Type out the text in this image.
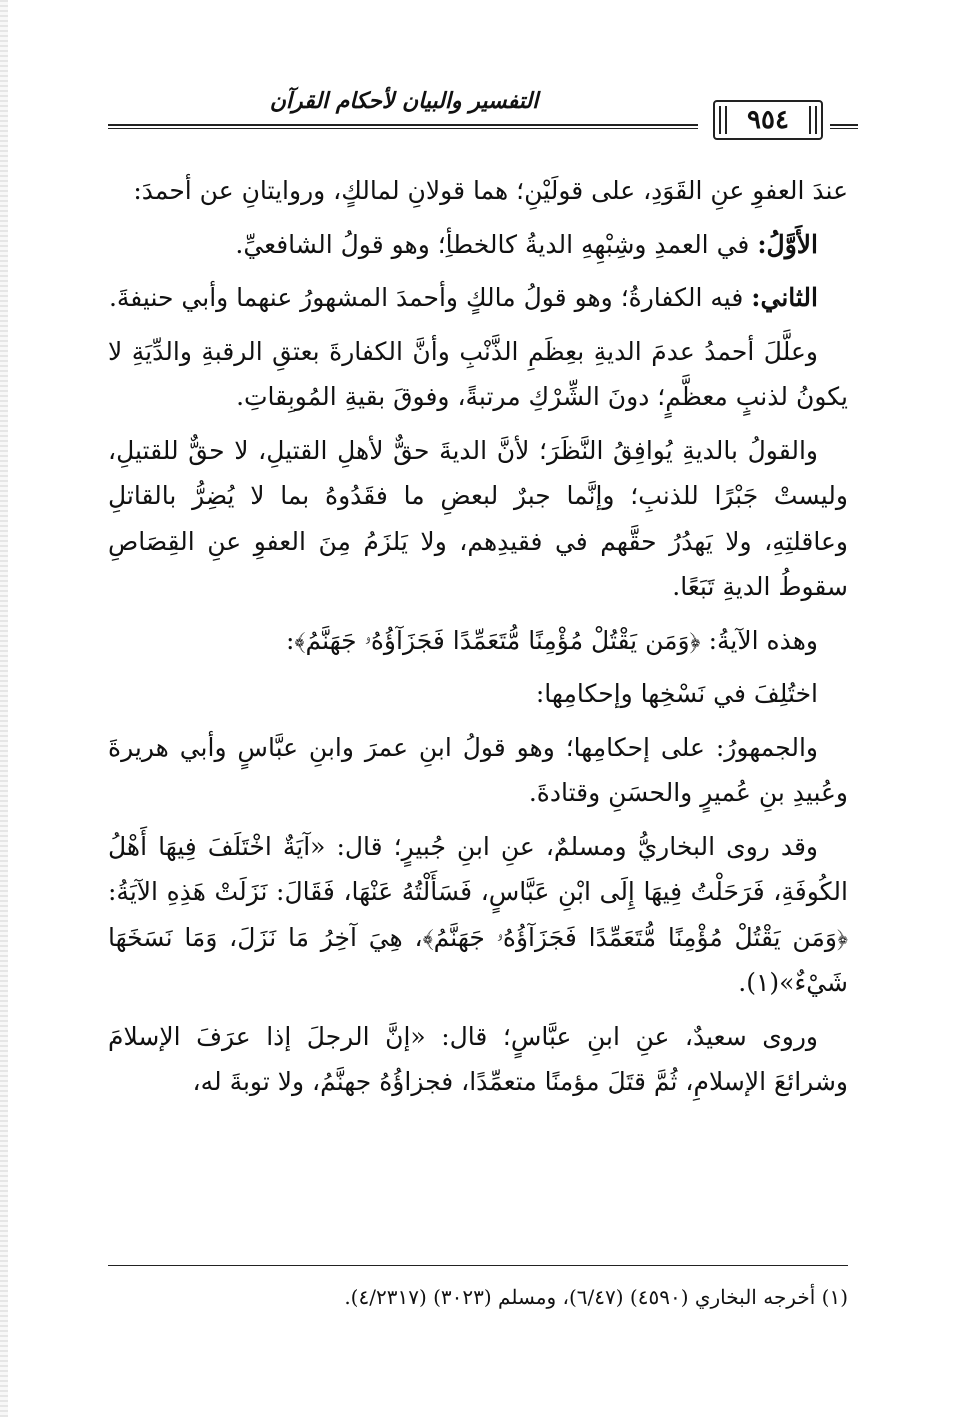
التفسير والبيان لأحكام القرآن
٩٥٤

عندَ العفوِ عنِ القَوَدِ، على قولَيْنِ؛ هما قولانِ لمالكٍ، وروايتانِ عن أحمدَ:

الأَوَّلُ: في العمدِ وشِبْهِهِ الديةُ كالخطأِ؛ وهو قولُ الشافعيِّ.

الثاني: فيه الكفارةُ؛ وهو قولُ مالكٍ وأحمدَ المشهورُ عنهما وأبي حنيفةَ.

وعلَّلَ أحمدُ عدمَ الديةِ بعِظَمِ الذَّنْبِ وأنَّ الكفارةَ بعتقِ الرقبةِ والدِّيَةِ لا يكونُ لذنبٍ معظَّمٍ؛ دونَ الشِّرْكِ مرتبةً، وفوقَ بقيةِ المُوبِقاتِ.

والقولُ بالديةِ يُوافِقُ النَّظَرَ؛ لأنَّ الديةَ حقٌّ لأهلِ القتيلِ، لا حقٌّ للقتيلِ، وليستْ جَبْرًا للذنبِ؛ وإنَّما جبرٌ لبعضِ ما فقَدُوهُ بما لا يُضِرُّ بالقاتلِ وعاقلتِهِ، ولا يَهدُرُ حقَّهم في فقيدِهم، ولا يَلزَمُ مِنَ العفوِ عنِ القِصَاصِ سقوطُ الديةِ تَبَعًا.

وهذه الآيةُ: ﴿وَمَن يَقْتُلْ مُؤْمِنًا مُّتَعَمِّدًا فَجَزَآؤُهُۥ جَهَنَّمُ﴾:

اختُلِفَ في نَسْخِها وإحكامِها:

والجمهورُ: على إحكامِها؛ وهو قولُ ابنِ عمرَ وابنِ عبَّاسٍ وأبي هريرةَ وعُبيدِ بنِ عُميرٍ والحسَنِ وقتادةَ.

وقد روى البخاريُّ ومسلمٌ، عنِ ابنِ جُبيرٍ؛ قال: «آيَةٌ اخْتَلَفَ فِيهَا أَهْلُ الكُوفَةِ، فَرَحَلْتُ فِيهَا إِلَى ابْنِ عَبَّاسٍ، فَسَأَلْتُهُ عَنْهَا، فَقَالَ: نَزَلَتْ هَذِهِ الآيَةُ: ﴿وَمَن يَقْتُلْ مُؤْمِنًا مُّتَعَمِّدًا فَجَزَآؤُهُۥ جَهَنَّمُ﴾، هِيَ آخِرُ مَا نَزَلَ، وَمَا نَسَخَهَا شَيْءٌ»(١).

وروى سعيدٌ، عنِ ابنِ عبَّاسٍ؛ قال: «إنَّ الرجلَ إذا عرَفَ الإسلامَ وشرائعَ الإسلامِ، ثُمَّ قتَلَ مؤمنًا متعمِّدًا، فجزاؤُهُ جهنَّمُ، ولا توبةَ له،

(١) أخرجه البخاري (٤٥٩٠) (٦/٤٧)، ومسلم (٣٠٢٣) (٤/٢٣١٧).
